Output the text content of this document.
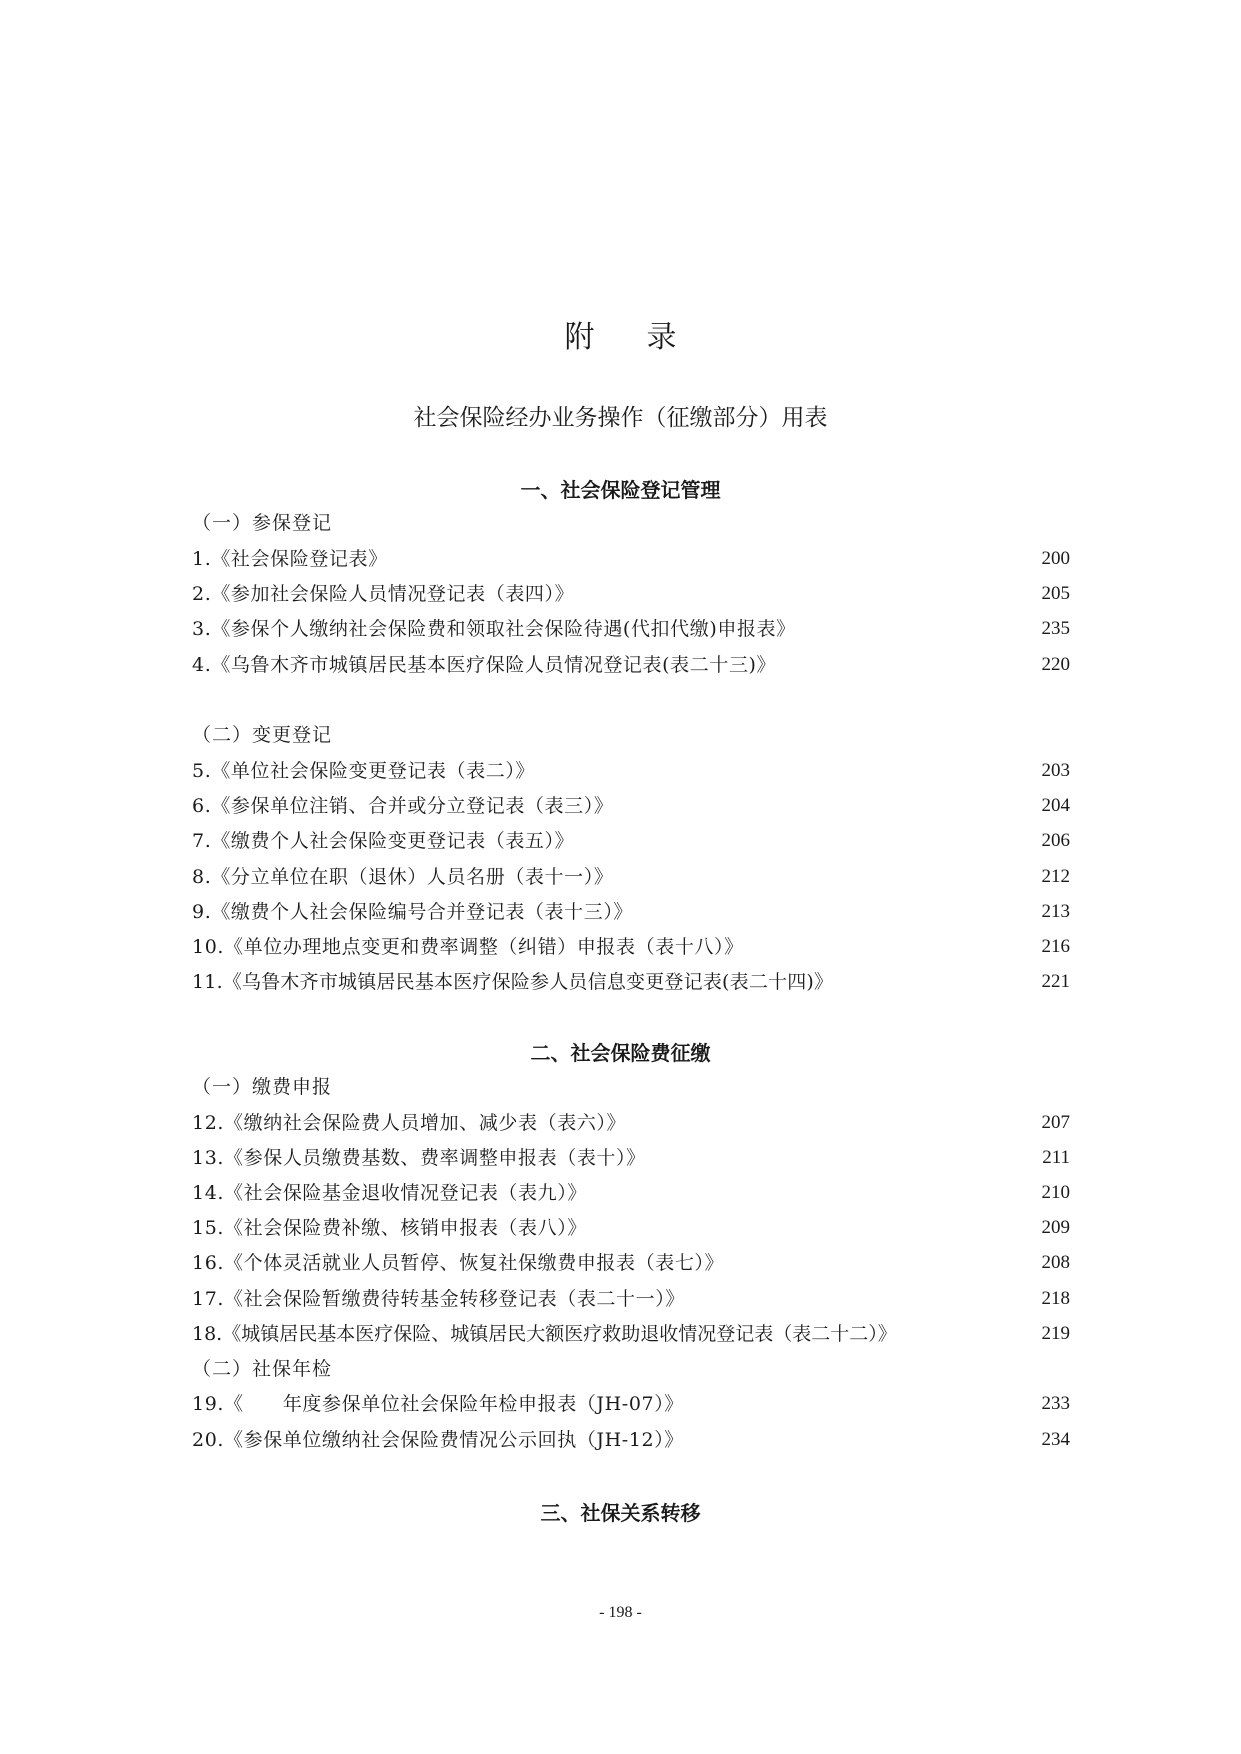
附录
社会保险经办业务操作（征缴部分）用表
一、社会保险登记管理
（一）参保登记
1.《社会保险登记表》	200
2.《参加社会保险人员情况登记表（表四）》	205
3.《参保个人缴纳社会保险费和领取社会保险待遇(代扣代缴)申报表》	235
4.《乌鲁木齐市城镇居民基本医疗保险人员情况登记表(表二十三)》	220
（二）变更登记
5.《单位社会保险变更登记表（表二）》	203
6.《参保单位注销、合并或分立登记表（表三）》	204
7.《缴费个人社会保险变更登记表（表五）》	206
8.《分立单位在职（退休）人员名册（表十一）》	212
9.《缴费个人社会保险编号合并登记表（表十三）》	213
10.《单位办理地点变更和费率调整（纠错）申报表（表十八）》	216
11.《乌鲁木齐市城镇居民基本医疗保险参人员信息变更登记表(表二十四)》	221
二、社会保险费征缴
（一）缴费申报
12.《缴纳社会保险费人员增加、减少表（表六）》	207
13.《参保人员缴费基数、费率调整申报表（表十）》	211
14.《社会保险基金退收情况登记表（表九）》	210
15.《社会保险费补缴、核销申报表（表八）》	209
16.《个体灵活就业人员暂停、恢复社保缴费申报表（表七）》	208
17.《社会保险暂缴费待转基金转移登记表（表二十一）》	218
18.《城镇居民基本医疗保险、城镇居民大额医疗救助退收情况登记表（表二十二）》	219
（二）社保年检
19.《　　年度参保单位社会保险年检申报表（JH-07）》	233
20.《参保单位缴纳社会保险费情况公示回执（JH-12）》	234
三、社保关系转移
- 198 -
